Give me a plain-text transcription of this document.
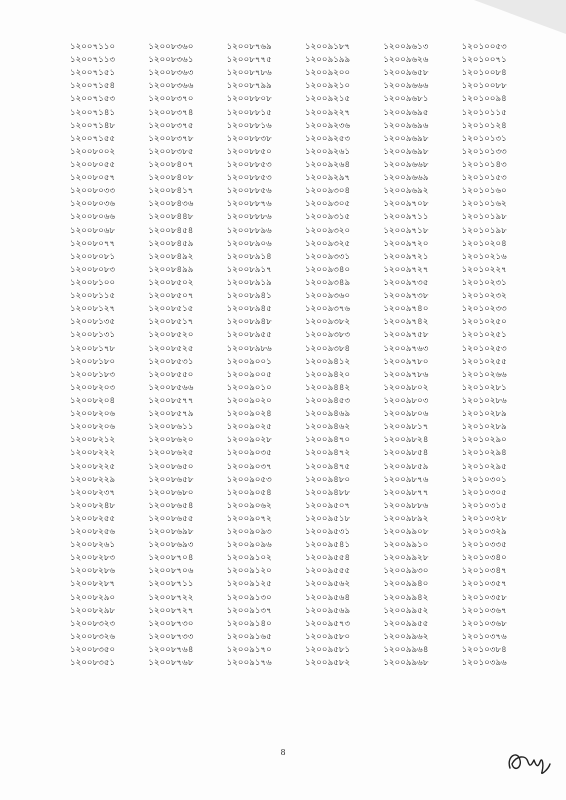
১২০০৭১১০	১২০০৮৩৬০	১২০০৮৭৬৯	১২০০৯১৮৭	১২০০৯৬১৩	১২০১০০৫৩
১২০০৭১১৩	১২০০৮৩৬১	১২০০৮৭৭৫	১২০০৯১৯৯	১২০০৯৬২৬	১২০১০০৭১
১২০০৭১৫১	১২০০৮৩৬৩	১২০০৮৭৮৬	১২০০৯২০০	১২০০৯৬৫৮	১২০১০০৮৪
১২০০৭১৫৪	১২০০৮৩৬৬	১২০০৮৭৯৯	১২০০৯২১০	১২০০৯৬৬৬	১২০১০০৮৮
১২০০৭১৫৩	১২০০৮৩৭০	১২০০৮৮০৮	১২০০৯২১৫	১২০০৯৬৮১	১২০১০০৯৪
১২০০৭১৪১	১২০০৮৩৭৪	১২০০৮৮১৫	১২০০৯২২৭	১২০০৯৬৯৫	১২০১০১১৫
১২০০৭১৪৮	১২০০৮৩৭৫	১২০০৮৮১৬	১২০০৯২৩৬	১২০০৯৬৯৬	১২০১০১২৪
১২০০৭১৫৫	১২০০৮৩৭৮	১২০০৮৮৩৮	১২০০৯২৫৩	১২০০৯৬৯৮	১২০১০১৩১
১২০০৮০০২	১২০০৮৩৮৫	১২০০৮৮৫০	১২০০৯২৬১	১২০০৯৬৯৮	১২০১০১৩৩
১২০০৮০৫৫	১২০০৮৪০৭	১২০০৮৮৫৩	১২০০৯২৬৪	১২০০৯৬৬৮	১২০১০১৪৩
১২০০৮০৫৭	১২০০৮৪০৮	১২০০৮৮৫৩	১২০০৯২৯৭	১২০০৯৬৬৯	১২০১০১৫৩
১২০০৮০৩৩	১২০০৮৪১৭	১২০০৮৮৫৬	১২০০৯৩০৪	১২০০৯৬৯২	১২০১০১৬০
১২০০৮০৩৬	১২০০৮৪৩৬	১২০০৮৮৭৬	১২০০৯৩০৫	১২০০৯৭০৮	১২০১০১৬২
১২০০৮০৬৬	১২০০৮৪৪৮	১২০০৮৮৮৬	১২০০৯৩১৫	১২০০৯৭১১	১২০১০১৯৮
১২০০৮০৬৮	১২০০৮৪৫৪	১২০০৮৮৯৬	১২০০৯৩২০	১২০০৯৭১৮	১২০১০১৯৮
১২০০৮০৭৭	১২০০৮৪৫৯	১২০০৮৯০৬	১২০০৯৩২৫	১২০০৯৭২০	১২০১০২০৪
১২০০৮০৮১	১২০০৮৪৯২	১২০০৮৯১৪	১২০০৯৩৩১	১২০০৯৭২১	১২০১০২১৬
১২০০৮০৮৩	১২০০৮৪৯৯	১২০০৮৯১৭	১২০০৯৩৪০	১২০০৯৭২৭	১২০১০২২৭
১২০০৮১০০	১২০০৮৫০২	১২০০৮৯১৯	১২০০৯৩৪৯	১২০০৯৭৩৫	১২০১০২৩১
১২০০৮১১৫	১২০০৮৫০৭	১২০০৮৯৪১	১২০০৯৩৬০	১২০০৯৭৩৮	১২০১০২৩২
১২০০৮১২৭	১২০০৮৫১৫	১২০০৮৯৪৫	১২০০৯৩৭৬	১২০০৯৭৪০	১২০১০২৩৩
১২০০৮১৩৫	১২০০৮৫১৭	১২০০৮৯৪৮	১২০০৯৩৮২	১২০০৯৭৪২	১২০১০২৫০
১২০০৮১৩১	১২০০৮৫২০	১২০০৮৯৫৫	১২০০৯৩৮৩	১২০০৯৭৫৮	১২০১০২৫১
১২০০৮১৭৮	১২০০৮৫২৫	১২০০৮৯৮৬	১২০০৯৩৮৪	১২০০৯৭৬৩	১২০১০২৫৩
১২০০৮১৮০	১২০০৮৫৩১	১২০০৯০০১	১২০০৯৪১২	১২০০৯৭৮০	১২০১০২৫৫
১২০০৮১৮৩	১২০০৮৫৫০	১২০০৯০০৫	১২০০৯৪২০	১২০০৯৭৮৬	১২০১০২৬৬
১২০০৮২০৩	১২০০৮৫৬৬	১২০০৯০১০	১২০০৯৪৪২	১২০০৯৮০২	১২০১০২৮১
১২০০৮২০৪	১২০০৮৫৭৭	১২০০৯০২০	১২০০৯৪৫৩	১২০০৯৮০৩	১২০১০২৮৬
১২০০৮২০৬	১২০০৮৫৭৯	১২০০৯০২৪	১২০০৯৪৬৯	১২০০৯৮০৬	১২০১০২৮৯
১২০০৮২০৬	১২০০৮৬১১	১২০০৯০২৫	১২০০৯৪৬২	১২০০৯৮১৭	১২০১০২৮৯
১২০০৮২১২	১২০০৮৬২০	১২০০৯০২৮	১২০০৯৪৭০	১২০০৯৮২৪	১২০১০২৯০
১২০০৮২২২	১২০০৮৬২৫	১২০০৯০৩৫	১২০০৯৪৭২	১২০০৯৮৫৪	১২০১০২৯৪
১২০০৮২২৫	১২০০৮৬৫০	১২০০৯০৩৭	১২০০৯৪৭৫	১২০০৯৮৫৯	১২০১০২৯৫
১২০০৮২২৯	১২০০৮৬৫৮	১২০০৯০৫৩	১২০০৯৪৮০	১২০০৯৮৭৬	১২০১০৩০১
১২০০৮২৩৭	১২০০৮৬৮০	১২০০৯০৫৪	১২০০৯৪৮৮	১২০০৯৮৭৭	১২০১০৩০৫
১২০০৮২৪৮	১২০০৮৬৫৪	১২০০৯০৬২	১২০০৯৫০৭	১২০০৯৮৮৬	১২০১০৩১৫
১২০০৮২৫৫	১২০০৮৬৫৫	১২০০৯০৭২	১২০০৯৫১৮	১২০০৯৮৯২	১২০১০৩২৮
১২০০৮২৫৬	১২০০৮৬৯৮	১২০০৯০৯৩	১২০০৯৫৩১	১২০০৯৯০৮	১২০১০৩২৯
১২০০৮২৬১	১২০০৮৬৯৩	১২০০৯০৯৬	১২০০৯৫৪১	১২০০৯৯১০	১২০১০৩৩৫
১২০০৮২৮৩	১২০০৮৭০৪	১২০০৯১০২	১২০০৯৫৫৪	১২০০৯৯২৮	১২০১০৩৪০
১২০০৮২৮৬	১২০০৮৭০৬	১২০০৯১২০	১২০০৯৫৫৫	১২০০৯৯৩০	১২০১০৩৪৭
১২০০৮২৮৭	১২০০৮৭১১	১২০০৯১২৫	১২০০৯৫৬২	১২০০৯৯৪০	১২০১০৩৫৭
১২০০৮২৯০	১২০০৮৭২২	১২০০৯১৩০	১২০০৯৫৬৪	১২০০৯৯৪২	১২০১০৩৫৮
১২০০৮২৯৮	১২০০৮৭২৭	১২০০৯১৩৭	১২০০৯৫৬৯	১২০০৯৯৫২	১২০১০৩৬৭
১২০০৮৩২৩	১২০০৮৭৩০	১২০০৯১৪০	১২০০৯৫৭৩	১২০০৯৯৫৫	১২০১০৩৬৮
১২০০৮৩২৬	১২০০৮৭৩৩	১২০০৯১৬৫	১২০০৯৫৮০	১২০০৯৯৬২	১২০১০৩৭৬
১২০০৮৩৫০	১২০০৮৭৬৪	১২০০৯১৭০	১২০০৯৫৮১	১২০০৯৯৬৪	১২০১০৩৮৪
১২০০৮৩৫১	১২০০৮৭৬৮	১২০০৯১৭৬	১২০০৯৫৮২	১২০০৯৯৬৮	১২০১০৩৯৬
8
